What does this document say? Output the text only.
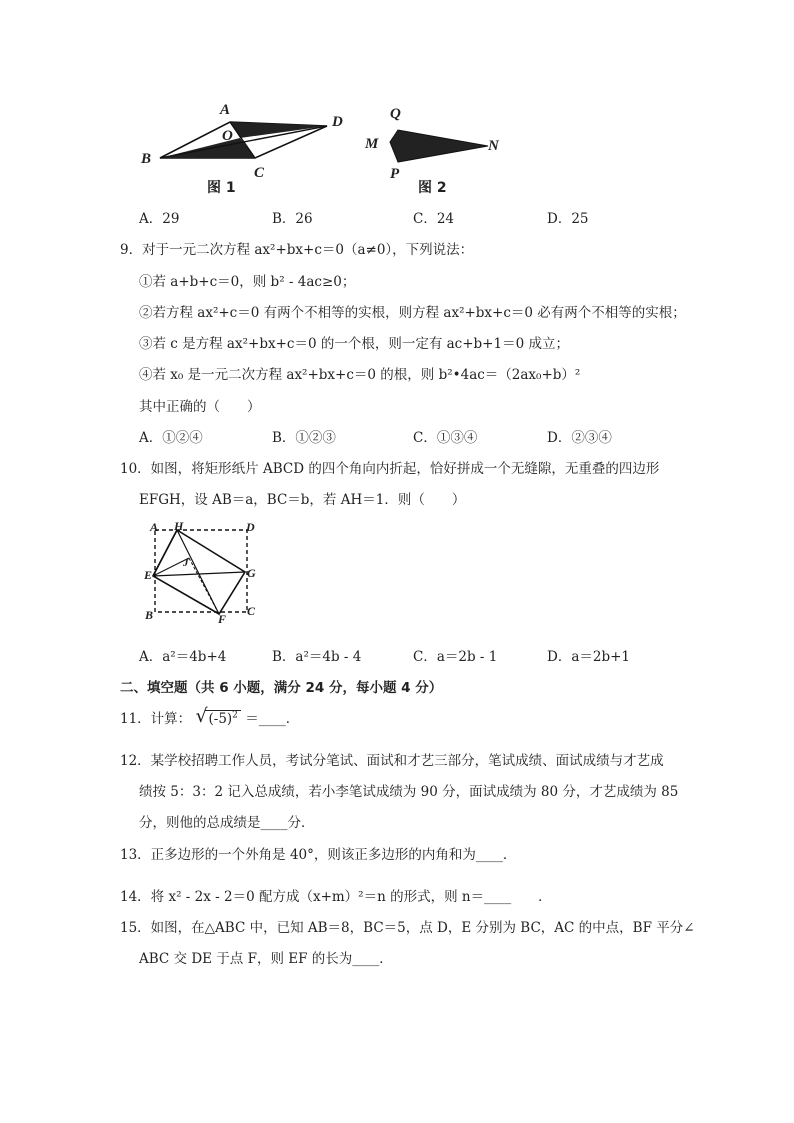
A
O
D
B
C
图 1
Q
M	N
P
图 2
A．29	B．26	C．24	D．25
9．对于一元二次方程 ax²+bx+c＝0（a≠0），下列说法：
①若 a+b+c＝0，则 b² - 4ac≥0；
②若方程 ax²+c＝0 有两个不相等的实根，则方程 ax²+bx+c＝0 必有两个不相等的实根；
③若 c 是方程 ax²+bx+c＝0 的一个根，则一定有 ac+b+1＝0 成立；
④若 x₀ 是一元二次方程 ax²+bx+c＝0 的根，则 b²•4ac＝（2ax₀+b）²
其中正确的（　　）
A．①②④	B．①②③	C．①③④	D．②③④
10．如图，将矩形纸片 ABCD 的四个角向内折起，恰好拼成一个无缝隙，无重叠的四边形
EFGH，设 AB＝a，BC＝b，若 AH＝1．则（　　）
A H	D
J
E	G
B	F
C
A．a²＝4b+4	B．a²＝4b - 4	C．a＝2b - 1	D．a＝2b+1
二、填空题（共 6 小题，满分 24 分，每小题 4 分）
11．计算： √ $(-5)^2$ ＝____．
12．某学校招聘工作人员，考试分笔试、面试和才艺三部分，笔试成绩、面试成绩与才艺成
绩按 5：3：2 记入总成绩，若小李笔试成绩为 90 分，面试成绩为 80 分，才艺成绩为 85
分，则他的总成绩是____分．
13．正多边形的一个外角是 40°，则该正多边形的内角和为____．
14．将 x² - 2x - 2＝0 配方成（x+m）²＝n 的形式，则 n＝____　　．
15．如图，在△ABC 中，已知 AB＝8，BC＝5，点 D，E 分别为 BC，AC 的中点，BF 平分∠
ABC 交 DE 于点 F，则 EF 的长为____．
